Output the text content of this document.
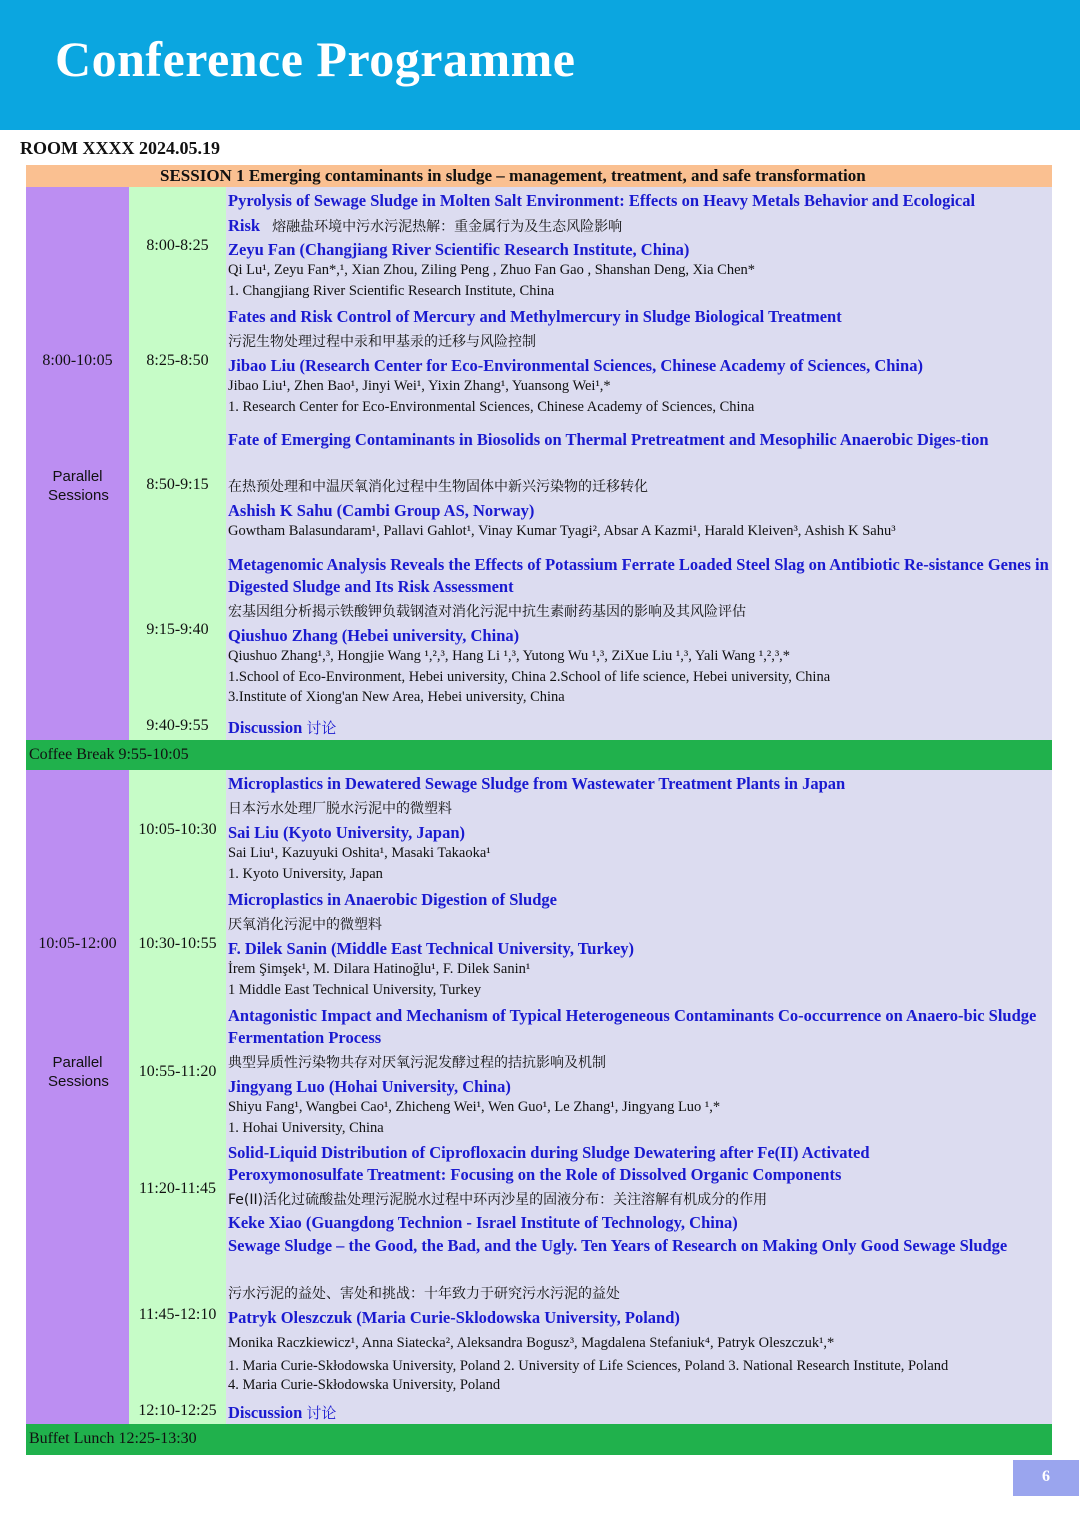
Conference Programme
ROOM XXXX 2024.05.19
SESSION 1 Emerging contaminants in sludge – management, treatment, and safe transformation
8:00-10:05
Parallel Sessions
10:05-12:00
Parallel Sessions
Coffee Break 9:55-10:05
Buffet Lunch 12:25-13:30
8:00-8:25
Pyrolysis of Sewage Sludge in Molten Salt Environment: Effects on Heavy Metals Behavior and Ecological
Risk 熔融盐环境中污水污泥热解：重金属行为及生态风险影响
Zeyu Fan (Changjiang River Scientific Research Institute, China)
Qi Lu¹, Zeyu Fan*,¹, Xian Zhou, Ziling Peng , Zhuo Fan Gao , Shanshan Deng, Xia Chen*
1. Changjiang River Scientific Research Institute, China
8:25-8:50
Fates and Risk Control of Mercury and Methylmercury in Sludge Biological Treatment
污泥生物处理过程中汞和甲基汞的迁移与风险控制
Jibao Liu (Research Center for Eco-Environmental Sciences, Chinese Academy of Sciences, China)
Jibao Liu¹, Zhen Bao¹, Jinyi Wei¹, Yixin Zhang¹, Yuansong Wei¹,*
1. Research Center for Eco-Environmental Sciences, Chinese Academy of Sciences, China
8:50-9:15
Fate of Emerging Contaminants in Biosolids on Thermal Pretreatment and Mesophilic Anaerobic Diges-tion
在热预处理和中温厌氧消化过程中生物固体中新兴污染物的迁移转化
Ashish K Sahu (Cambi Group AS, Norway)
Gowtham Balasundaram¹, Pallavi Gahlot¹, Vinay Kumar Tyagi², Absar A Kazmi¹, Harald Kleiven³, Ashish K Sahu³
9:15-9:40
Metagenomic Analysis Reveals the Effects of Potassium Ferrate Loaded Steel Slag on Antibiotic Re-sistance Genes in Digested Sludge and Its Risk Assessment
宏基因组分析揭示铁酸钾负载钢渣对消化污泥中抗生素耐药基因的影响及其风险评估
Qiushuo Zhang (Hebei university, China)
Qiushuo Zhang¹,³, Hongjie Wang ¹,²,³, Hang Li ¹,³, Yutong Wu ¹,³, ZiXue Liu ¹,³, Yali Wang ¹,²,³,*
1.School of Eco-Environment, Hebei university, China 2.School of life science, Hebei university, China
3.Institute of Xiong'an New Area, Hebei university, China
9:40-9:55	Discussion 讨论
10:05-10:30
Microplastics in Dewatered Sewage Sludge from Wastewater Treatment Plants in Japan
日本污水处理厂脱水污泥中的微塑料
Sai Liu (Kyoto University, Japan)
Sai Liu¹, Kazuyuki Oshita¹, Masaki Takaoka¹
1. Kyoto University, Japan
10:30-10:55
Microplastics in Anaerobic Digestion of Sludge
厌氧消化污泥中的微塑料
F. Dilek Sanin (Middle East Technical University, Turkey)
İrem Şimşek¹, M. Dilara Hatinoğlu¹, F. Dilek Sanin¹
1 Middle East Technical University, Turkey
10:55-11:20
Antagonistic Impact and Mechanism of Typical Heterogeneous Contaminants Co-occurrence on Anaero-bic Sludge Fermentation Process
典型异质性污染物共存对厌氧污泥发酵过程的拮抗影响及机制
Jingyang Luo (Hohai University, China)
Shiyu Fang¹, Wangbei Cao¹, Zhicheng Wei¹, Wen Guo¹, Le Zhang¹, Jingyang Luo ¹,*
1. Hohai University, China
11:20-11:45
Solid-Liquid Distribution of Ciprofloxacin during Sludge Dewatering after Fe(II) Activated
Peroxymonosulfate Treatment: Focusing on the Role of Dissolved Organic Components
Fe(II)活化过硫酸盐处理污泥脱水过程中环丙沙星的固液分布：关注溶解有机成分的作用
Keke Xiao (Guangdong Technion - Israel Institute of Technology, China)
11:45-12:10
Sewage Sludge – the Good, the Bad, and the Ugly. Ten Years of Research on Making Only Good Sewage Sludge
污水污泥的益处、害处和挑战：十年致力于研究污水污泥的益处
Patryk Oleszczuk (Maria Curie-Sklodowska University, Poland)
Monika Raczkiewicz¹, Anna Siatecka², Aleksandra Bogusz³, Magdalena Stefaniuk⁴, Patryk Oleszczuk¹,*
1. Maria Curie-Skłodowska University, Poland 2. University of Life Sciences, Poland 3. National Research Institute, Poland
4. Maria Curie-Skłodowska University, Poland
12:10-12:25 Discussion 讨论
6
